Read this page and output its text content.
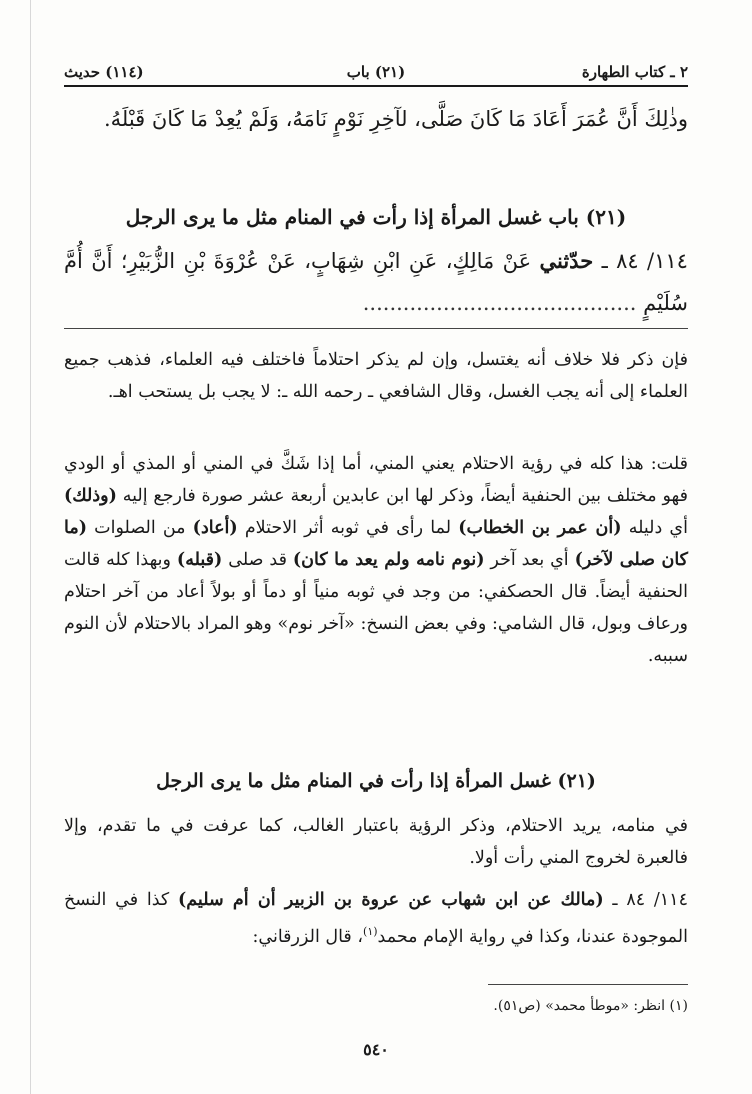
٢ ـ كتاب الطهارة
(٢١) باب
(١١٤) حديث
وذٰلِكَ أَنَّ عُمَرَ أَعَادَ مَا كَانَ صَلَّى، لآخِرِ نَوْمٍ نَامَهُ، وَلَمْ يُعِدْ مَا كَانَ قَبْلَهُ.
(٢١) باب غسل المرأة إذا رأت في المنام مثل ما يرى الرجل
١١٤/ ٨٤ ـ حدّثني عَنْ مَالِكٍ، عَنِ ابْنِ شِهَابٍ، عَنْ عُرْوَةَ بْنِ الزُّبَيْرِ؛ أَنَّ أُمَّ سُلَيْمٍ .........................................
فإن ذكر فلا خلاف أنه يغتسل، وإن لم يذكر احتلاماً فاختلف فيه العلماء، فذهب جميع العلماء إلى أنه يجب الغسل، وقال الشافعي ـ رحمه الله ـ: لا يجب بل يستحب اهـ.
قلت: هذا كله في رؤية الاحتلام يعني المني، أما إذا شَكَّ في المني أو المذي أو الودي فهو مختلف بين الحنفية أيضاً، وذكر لها ابن عابدين أربعة عشر صورة فارجع إليه (وذلك) أي دليله (أن عمر بن الخطاب) لما رأى في ثوبه أثر الاحتلام (أعاد) من الصلوات (ما كان صلى لآخر) أي بعد آخر (نوم نامه ولم يعد ما كان) قد صلى (قبله) وبهذا كله قالت الحنفية أيضاً. قال الحصكفي: من وجد في ثوبه منياً أو دماً أو بولاً أعاد من آخر احتلام ورعاف وبول، قال الشامي: وفي بعض النسخ: «آخر نوم» وهو المراد بالاحتلام لأن النوم سببه.
(٢١) غسل المرأة إذا رأت في المنام مثل ما يرى الرجل
في منامه، يريد الاحتلام، وذكر الرؤية باعتبار الغالب، كما عرفت في ما تقدم، وإلا فالعبرة لخروج المني رأت أولا.
١١٤/ ٨٤ ـ (مالك عن ابن شهاب عن عروة بن الزبير أن أم سليم) كذا في النسخ الموجودة عندنا، وكذا في رواية الإمام محمد$^{(١)}$، قال الزرقاني:
(١) انظر: «موطأ محمد» (ص٥١).
٥٤٠
